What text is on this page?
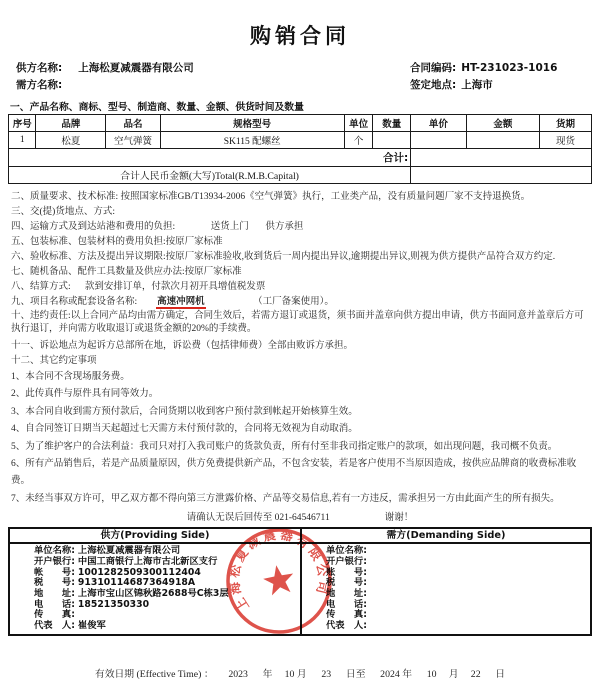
购销合同
供方名称: 上海松夏减震器有限公司	合同编码: HT-231023-1016
需方名称:	签定地点: 上海市
一、产品名称、商标、型号、制造商、数量、金额、供货时间及数量
序号	品牌	品名	规格型号	单位	数量	单价	金额	货期
1	松夏	空气弹簧	SK115 配螺丝	个				现货
合计:								
合计人民币金额(大写)Total(R.M.B.Capital)								
二、质量要求、技术标准: 按照国家标准GB/T13934-2006《空气弹簧》执行，工业类产品，没有质量问题厂家不支持退换货。
三、交(提)货地点、方式:
四、运输方式及到达站港和费用的负担:               送货上门       供方承担
五、包装标准、包装材料的费用负担:按原厂家标准
六、验收标准、方法及提出异议期限:按原厂家标准验收,收到货后一周内提出异议,逾期提出异议,则视为供方提供产品符合双方约定.
七、随机备品、配件工具数量及供应办法:按原厂家标准
八、结算方式:      款到安排订单，付款次月初开具增值税发票
九、项目名称或配套设备名称:        高速冲网机                    （工厂备案使用）。
十、违约责任:以上合同产品均由需方确定，合同生效后，若需方退订或退货，须书面并盖章向供方提出申请，供方书面同意并盖章后方可执行退订，并向需方收取退订或退货金额的20%的手续费。
十一、诉讼地点为起诉方总部所在地，诉讼费（包括律师费）全部由败诉方承担。
十二、其它约定事项
1、本合同不含现场服务费。
2、此传真件与原件具有同等效力。
3、本合同自收到需方预付款后，合同货期以收到客户预付款到帐起开始核算生效。
4、自合同签订日期当天起超过七天需方未付预付款的，合同将无效视为自动取消。
5、为了维护客户的合法利益：我司只对打入我司账户的货款负责，所有付至非我司指定账户的款项，如出现问题，我司概不负责。
6、所有产品销售后，若是产品质量原因，供方免费提供新产品，不包含安装，若是客户使用不当原因造成，按供应品牌商的收费标准收费。
7、未经当事双方许可，甲乙双方都不得向第三方泄露价格、产品等交易信息,若有一方违反，需承担另一方由此面产生的所有损失。
请确认无误后回传至 021-64546711	谢谢！
供方(Providing Side)
单位名称: 上海松夏减震器有限公司
开户银行: 中国工商银行上海市古北新区支行
帐　　号: 1001282509300112404
税　　号: 91310114687364918A
地　　址: 上海市宝山区锦秋路2688号C栋3层
电　　话: 18521350330
传　　真:
代表　人: 崔俊军
需方(Demanding Side)
单位名称:
开户银行:
账　　号:
税　　号:
地　　址:
电　　话:
传　　真:
代表　人:
上海松夏减震器有限公司
有效日期 (Effective Time) ：      2023      年     10 月      23      日至      2024 年      10     月     22      日
